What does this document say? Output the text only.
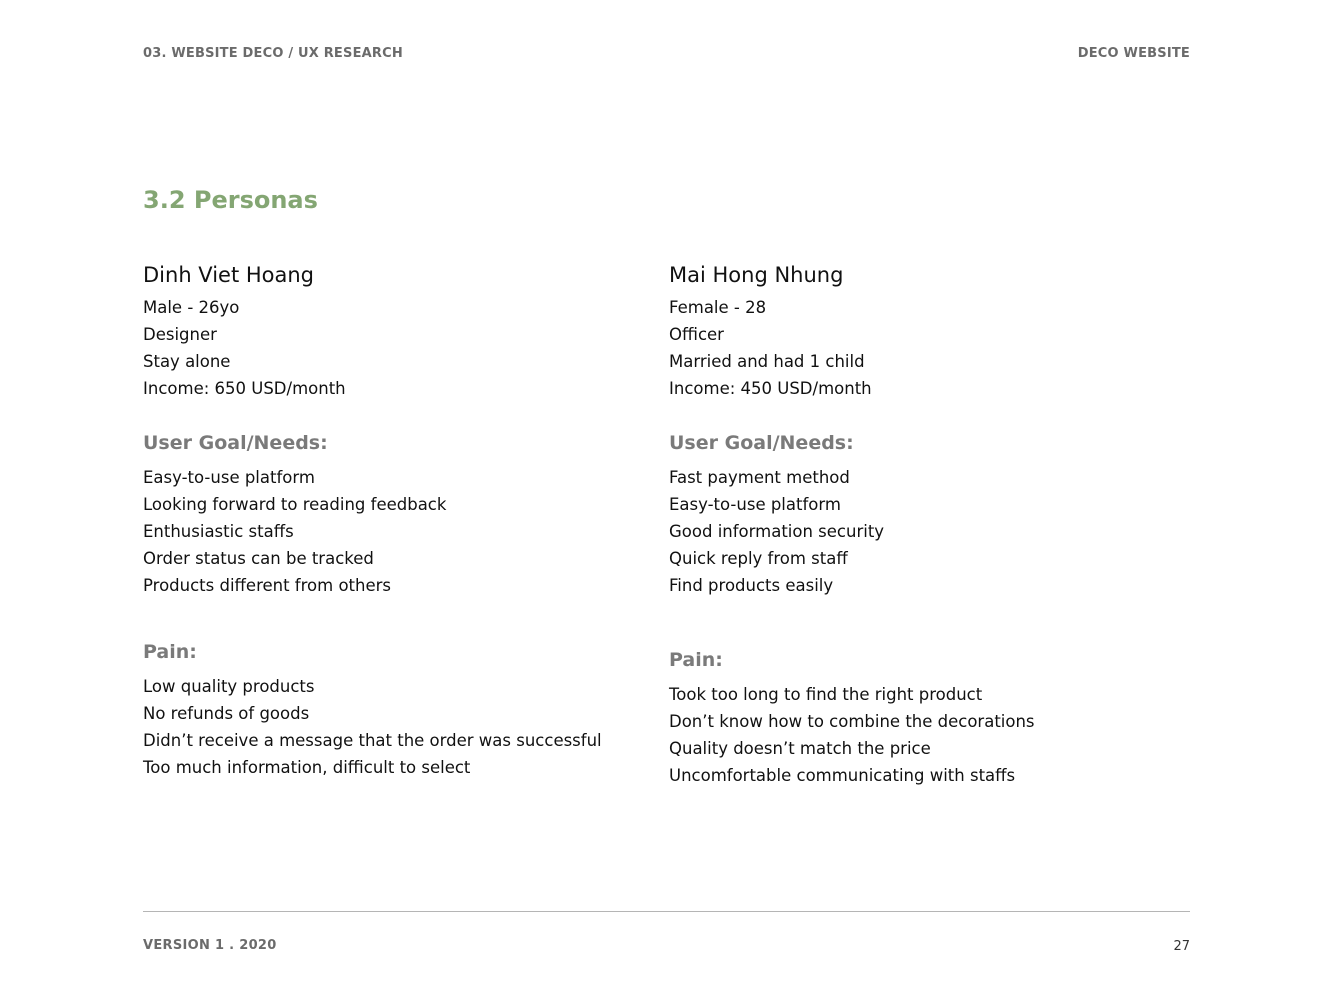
03. WEBSITE DECO / UX RESEARCH	DECO WEBSITE
3.2 Personas
Dinh Viet Hoang

Male - 26yo

Designer

Stay alone

Income: 650 USD/month

User Goal/Needs:

Easy-to-use platform

Looking forward to reading feedback

Enthusiastic staffs

Order status can be tracked

Products different from others

Pain:

Low quality products

No refunds of goods

Didn’t receive a message that the order was successful

Too much information, difficult to select

Mai Hong Nhung

Female - 28

Officer

Married and had 1 child

Income: 450 USD/month

User Goal/Needs:

Fast payment method

Easy-to-use platform

Good information security

Quick reply from staff

Find products easily

Pain:

Took too long to find the right product

Don’t know how to combine the decorations

Quality doesn’t match the price

Uncomfortable communicating with staffs

VERSION 1 . 2020	27
